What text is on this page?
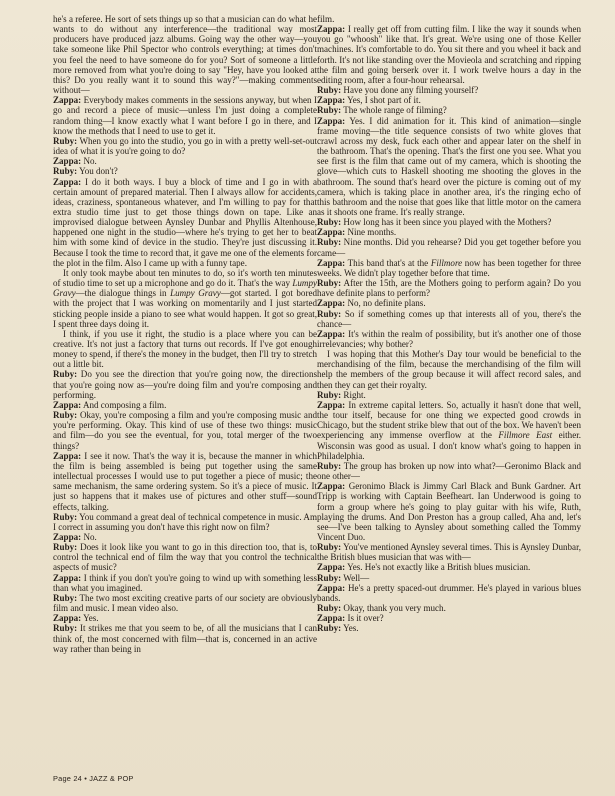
he's a referee. He sort of sets things up so that a musician can do what he wants to do without any interference—the traditional way most producers have produced jazz albums. Going way the other way—you take someone like Phil Spector who controls everything; at times don't you feel the need to have someone do for you? Sort of someone a little more removed from what you're doing to say "Hey, have you looked at this? Do you really want it to sound this way?"—making comments without—

Zappa: Everybody makes comments in the sessions anyway, but when I go and record a piece of music—unless I'm just doing a complete random thing—I know exactly what I want before I go in there, and I know the methods that I need to use to get it.

Ruby: When you go into the studio, you go in with a pretty well-set-out idea of what it is you're going to do?

Zappa: No.

Ruby: You don't?

Zappa: I do it both ways. I buy a block of time and I go in with a certain amount of prepared material. Then I always allow for accidents, ideas, craziness, spontaneous whatever, and I'm willing to pay for that extra studio time just to get those things down on tape. Like an improvised dialogue between Aynsley Dunbar and Phyllis Altenhouse, happened one night in the studio—where he's trying to get her to beat him with some kind of device in the studio. They're just discussing it. Because I took the time to record that, it gave me one of the elements for the plot in the film. Also I came up with a funny tape.

It only took maybe about ten minutes to do, so it's worth ten minutes of studio time to set up a microphone and go do it. That's the way Lumpy Gravy—the dialogue things in Lumpy Gravy—got started. I got bored with the project that I was working on momentarily and I just started sticking people inside a piano to see what would happen. It got so great, I spent three days doing it.

I think, if you use it right, the studio is a place where you can be creative. It's not just a factory that turns out records. If I've got enough money to spend, if there's the money in the budget, then I'll try to stretch out a little bit.

Ruby: Do you see the direction that you're going now, the directions that you're going now as—you're doing film and you're composing and performing.

Zappa: And composing a film.

Ruby: Okay, you're composing a film and you're composing music and you're performing. Okay. This kind of use of these two things: music and film—do you see the eventual, for you, total merger of the two things?

Zappa: I see it now. That's the way it is, because the manner in which the film is being assembled is being put together using the same intellectual processes I would use to put together a piece of music; the same mechanism, the same ordering system. So it's a piece of music. It just so happens that it makes use of pictures and other stuff—sound effects, talking.

Ruby: You command a great deal of technical competence in music. Am I correct in assuming you don't have this right now on film?

Zappa: No.

Ruby: Does it look like you want to go in this direction too, that is, to control the technical end of film the way that you control the technical aspects of music?

Zappa: I think if you don't you're going to wind up with something less than what you imagined.

Ruby: The two most exciting creative parts of our society are obviously film and music. I mean video also.

Zappa: Yes.

Ruby: It strikes me that you seem to be, of all the musicians that I can think of, the most concerned with film—that is, concerned in an active way rather than being in

film.

Zappa: I really get off from cutting film. I like the way it sounds when you go "whoosh" like that. It's great. We're using one of those Keller machines. It's comfortable to do. You sit there and you wheel it back and forth. It's not like standing over the Movieola and scratching and ripping the film and going berserk over it. I work twelve hours a day in the editing room, after a four-hour rehearsal.

Ruby: Have you done any filming yourself?

Zappa: Yes, I shot part of it.

Ruby: The whole range of filming?

Zappa: Yes. I did animation for it. This kind of animation—single frame moving—the title sequence consists of two white gloves that crawl across my desk, fuck each other and appear later on the shelf in the bathroom. That's the opening. That's the first one you see. What you see first is the film that came out of my camera, which is shooting the glove—which cuts to Haskell shooting me shooting the gloves in the bathroom. The sound that's heard over the picture is coming out of my camera, which is taking place in another area, it's the ringing echo of this bathroom and the noise that goes like that little motor on the camera as it shoots one frame. It's really strange.

Ruby: How long has it been since you played with the Mothers?

Zappa: Nine months.

Ruby: Nine months. Did you rehearse? Did you get together before you came—

Zappa: This band that's at the Fillmore now has been together for three weeks. We didn't play together before that time.

Ruby: After the 15th, are the Mothers going to perform again? Do you have definite plans to perform?

Zappa: No, no definite plans.

Ruby: So if something comes up that interests all of you, there's the chance—

Zappa: It's within the realm of possibility, but it's another one of those irrelevancies; why bother?

I was hoping that this Mother's Day tour would be beneficial to the merchandising of the film, because the merchandising of the film will help the members of the group because it will affect record sales, and then they can get their royalty.

Ruby: Right.

Zappa: In extreme capital letters. So, actually it hasn't done that well, the tour itself, because for one thing we expected good crowds in Chicago, but the student strike blew that out of the box. We haven't been experiencing any immense overflow at the Fillmore East either. Wisconsin was good as usual. I don't know what's going to happen in Philadelphia.

Ruby: The group has broken up now into what?—Geronimo Black and one other—

Zappa: Geronimo Black is Jimmy Carl Black and Bunk Gardner. Art Tripp is working with Captain Beefheart. Ian Underwood is going to form a group where he's going to play guitar with his wife, Ruth, playing the drums. And Don Preston has a group called, Aha and, let's see—I've been talking to Aynsley about something called the Tommy Vincent Duo.

Ruby: You've mentioned Aynsley several times. This is Aynsley Dunbar, the British blues musician that was with—

Zappa: Yes. He's not exactly like a British blues musician.

Ruby: Well—

Zappa: He's a pretty spaced-out drummer. He's played in various blues bands.

Ruby: Okay, thank you very much.

Zappa: Is it over?

Ruby: Yes.

Page 24 • JAZZ & POP
